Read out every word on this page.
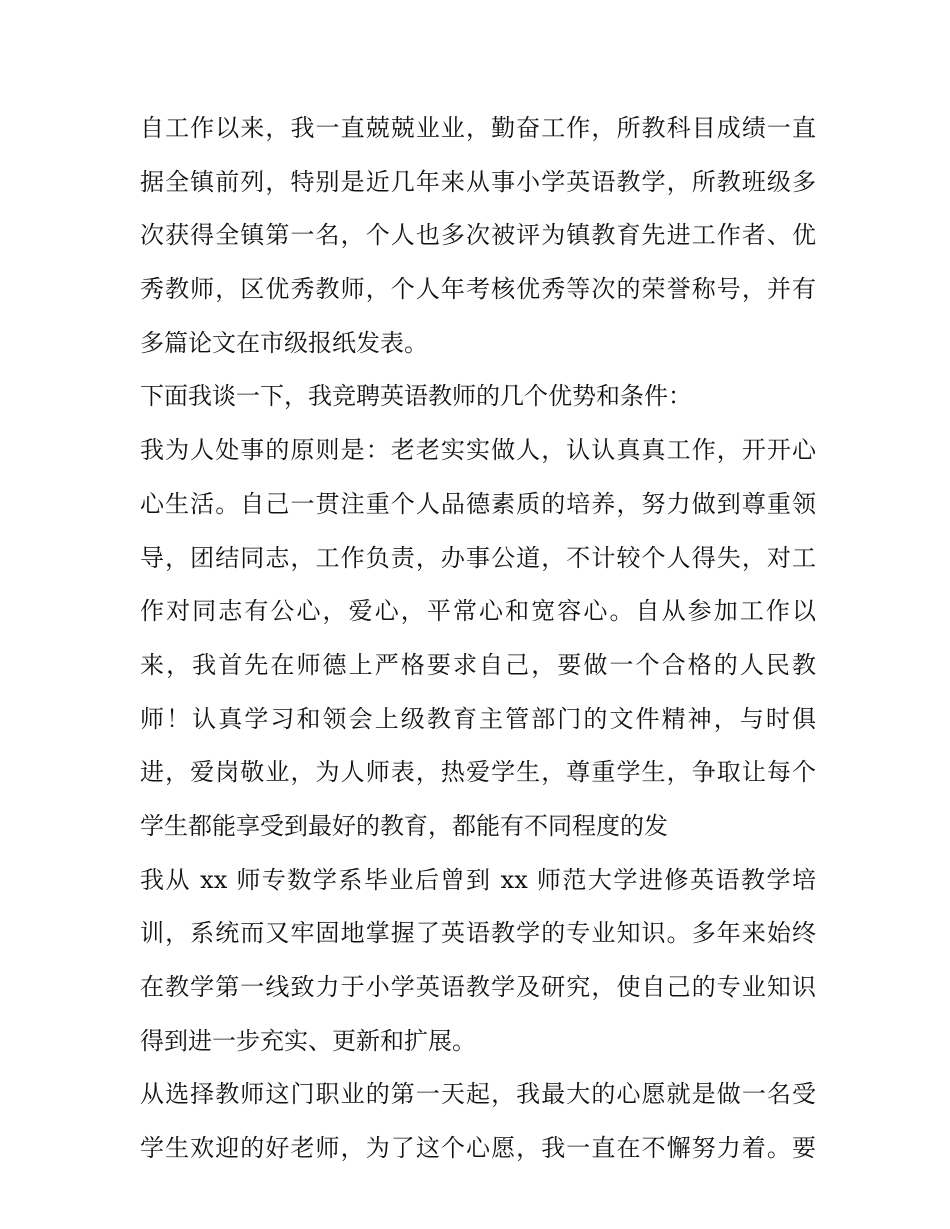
自工作以来，我一直兢兢业业，勤奋工作，所教科目成绩一直
据全镇前列，特别是近几年来从事小学英语教学，所教班级多
次获得全镇第一名，个人也多次被评为镇教育先进工作者、优
秀教师，区优秀教师，个人年考核优秀等次的荣誉称号，并有
多篇论文在市级报纸发表。
下面我谈一下，我竞聘英语教师的几个优势和条件：
我为人处事的原则是：老老实实做人，认认真真工作，开开心
心生活。自己一贯注重个人品德素质的培养，努力做到尊重领
导，团结同志，工作负责，办事公道，不计较个人得失，对工
作对同志有公心，爱心，平常心和宽容心。自从参加工作以
来，我首先在师德上严格要求自己，要做一个合格的人民教
师！认真学习和领会上级教育主管部门的文件精神，与时俱
进，爱岗敬业，为人师表，热爱学生，尊重学生，争取让每个
学生都能享受到最好的教育，都能有不同程度的发
我从 xx 师专数学系毕业后曾到 xx 师范大学进修英语教学培
训，系统而又牢固地掌握了英语教学的专业知识。多年来始终
在教学第一线致力于小学英语教学及研究，使自己的专业知识
得到进一步充实、更新和扩展。
从选择教师这门职业的第一天起，我最大的心愿就是做一名受
学生欢迎的好老师，为了这个心愿，我一直在不懈努力着。要
